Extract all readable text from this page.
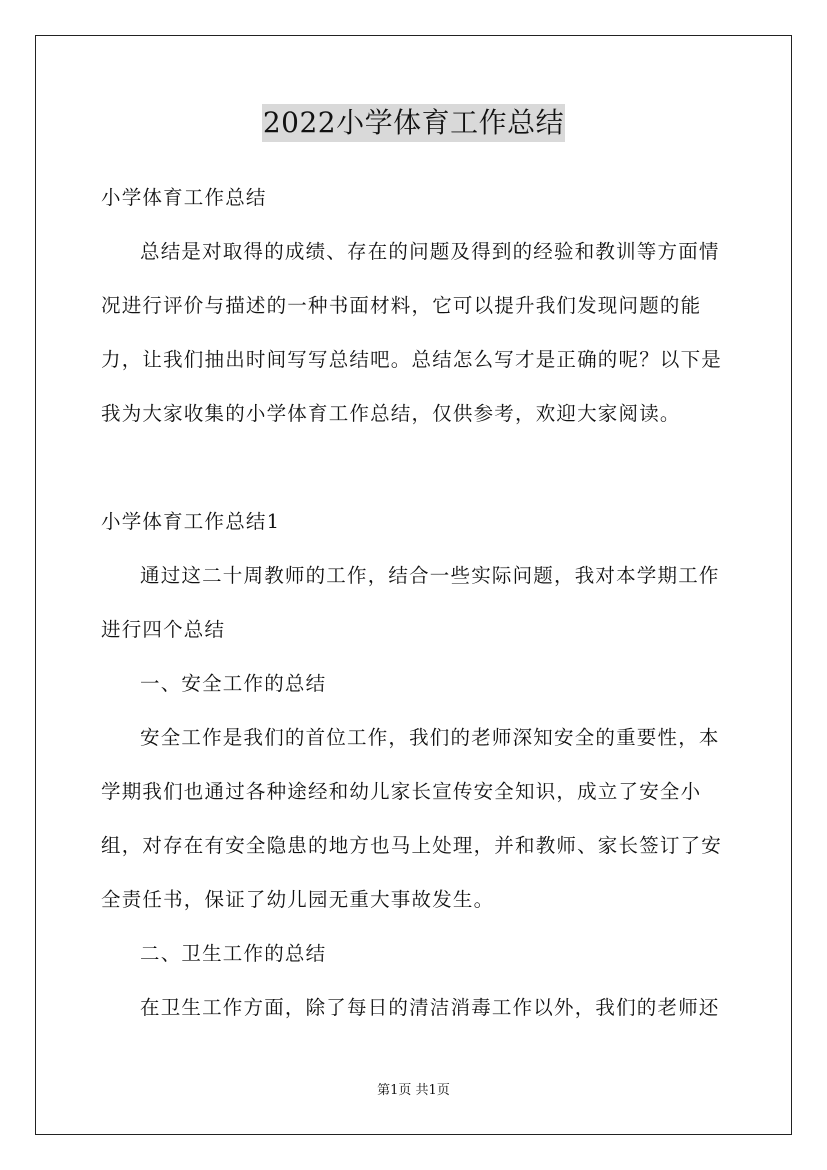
2022小学体育工作总结

小学体育工作总结

总结是对取得的成绩、存在的问题及得到的经验和教训等方面情况进行评价与描述的一种书面材料，它可以提升我们发现问题的能力，让我们抽出时间写写总结吧。总结怎么写才是正确的呢？以下是我为大家收集的小学体育工作总结，仅供参考，欢迎大家阅读。

小学体育工作总结1

通过这二十周教师的工作，结合一些实际问题，我对本学期工作进行四个总结

一、安全工作的总结

安全工作是我们的首位工作，我们的老师深知安全的重要性，本学期我们也通过各种途经和幼儿家长宣传安全知识，成立了安全小组，对存在有安全隐患的地方也马上处理，并和教师、家长签订了安全责任书，保证了幼儿园无重大事故发生。

二、卫生工作的总结

在卫生工作方面，除了每日的清洁消毒工作以外，我们的老师还

第1页 共1页
